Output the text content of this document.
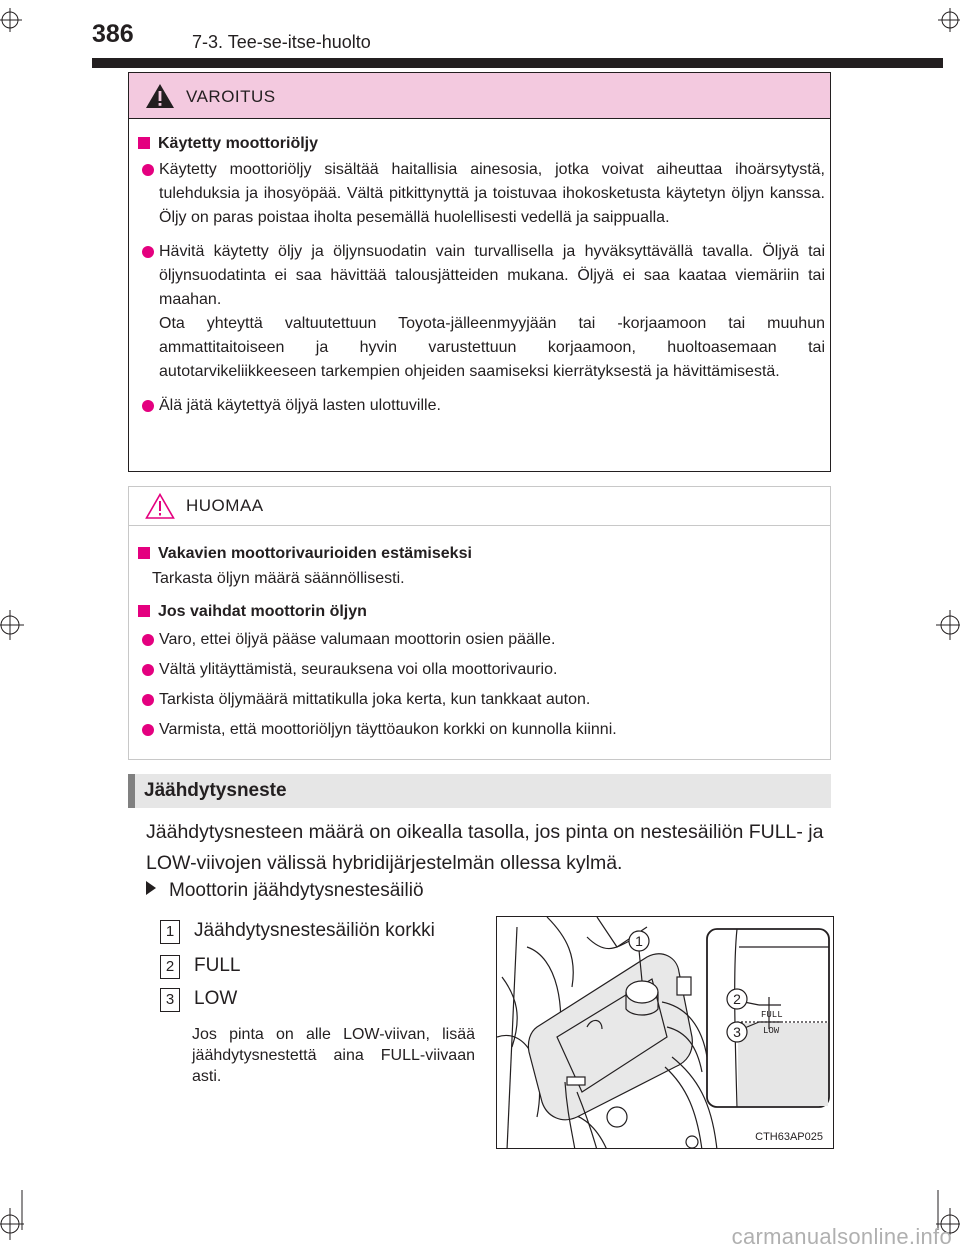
386	7-3. Tee-se-itse-huolto
VAROITUS
Käytetty moottoriöljy
Käytetty moottoriöljy sisältää haitallisia ainesosia, jotka voivat aiheuttaa ihoärsytystä, tulehduksia ja ihosyöpää. Vältä pitkittynyttä ja toistuvaa ihokosketusta käytetyn öljyn kanssa. Öljy on paras poistaa iholta pesemällä huolellisesti vedellä ja saippualla.
Hävitä käytetty öljy ja öljynsuodatin vain turvallisella ja hyväksyttävällä tavalla. Öljyä tai öljynsuodatinta ei saa hävittää talousjätteiden mukana. Öljyä ei saa kaataa viemäriin tai maahan.
Ota yhteyttä valtuutettuun Toyota-jälleenmyyjään tai -korjaamoon tai muuhun ammattitaitoiseen ja hyvin varustettuun korjaamoon, huoltoasemaan tai autotarvikeliikkeeseen tarkempien ohjeiden saamiseksi kierrätyksestä ja hävittämisestä.
Älä jätä käytettyä öljyä lasten ulottuville.
HUOMAA
Vakavien moottorivaurioiden estämiseksi
Tarkasta öljyn määrä säännöllisesti.
Jos vaihdat moottorin öljyn
Varo, ettei öljyä pääse valumaan moottorin osien päälle.
Vältä ylitäyttämistä, seurauksena voi olla moottorivaurio.
Tarkista öljymäärä mittatikulla joka kerta, kun tankkaat auton.
Varmista, että moottoriöljyn täyttöaukon korkki on kunnolla kiinni.
Jäähdytysneste
Jäähdytysnesteen määrä on oikealla tasolla, jos pinta on nestesäiliön FULL- ja LOW-viivojen välissä hybridijärjestelmän ollessa kylmä.
Moottorin jäähdytysnestesäiliö
1 Jäähdytysnestesäiliön korkki
2 FULL
3 LOW
Jos pinta on alle LOW-viivan, lisää jäähdytysnestettä aina FULL-viivaan asti.
1
2
3
FULL
LOW
CTH63AP025
carmanualsonline.info
